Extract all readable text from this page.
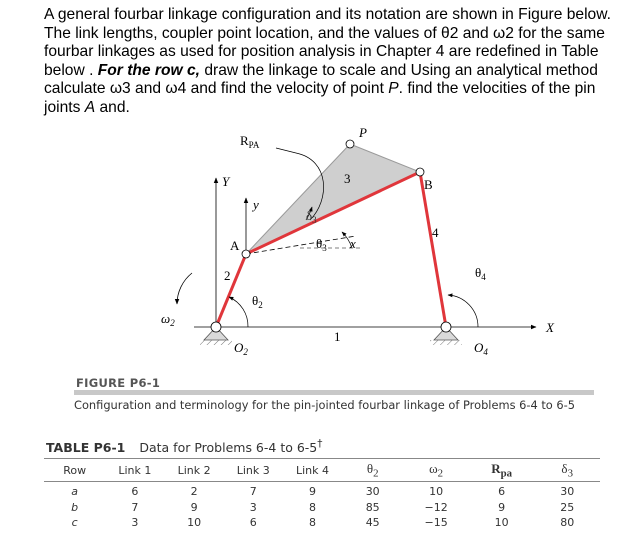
A general fourbar linkage configuration and its notation are shown in Figure below. The link lengths, coupler point location, and the values of θ2 and ω2 for the same fourbar linkages as used for position analysis in Chapter 4 are redefined in Table below . For the row c, draw the linkage to scale and Using an analytical method calculate ω3 and ω4 and find the velocity of point P. find the velocities of the pin joints A and.
$R_{PA}$
P
Y
y
$\delta_3$
3	B
A	$\theta_3$ x
4
$\theta_4$
2
$\omega_2$
$\theta_2$
1
X
$O_2$	$O_4$
FIGURE P6-1
Configuration and terminology for the pin-jointed fourbar linkage of Problems 6-4 to 6-5
TABLE P6-1 Data for Problems 6-4 to 6-5†
Row	Link 1	Link 2	Link 3	Link 4	$\theta_2$	$\omega_2$	$R_{pa}$	$\delta_3$

a	6	2	7	9	30	10	6	30
b	7	9	3	8	85	−12	9	25
c	3	10	6	8	45	−15	10	80
